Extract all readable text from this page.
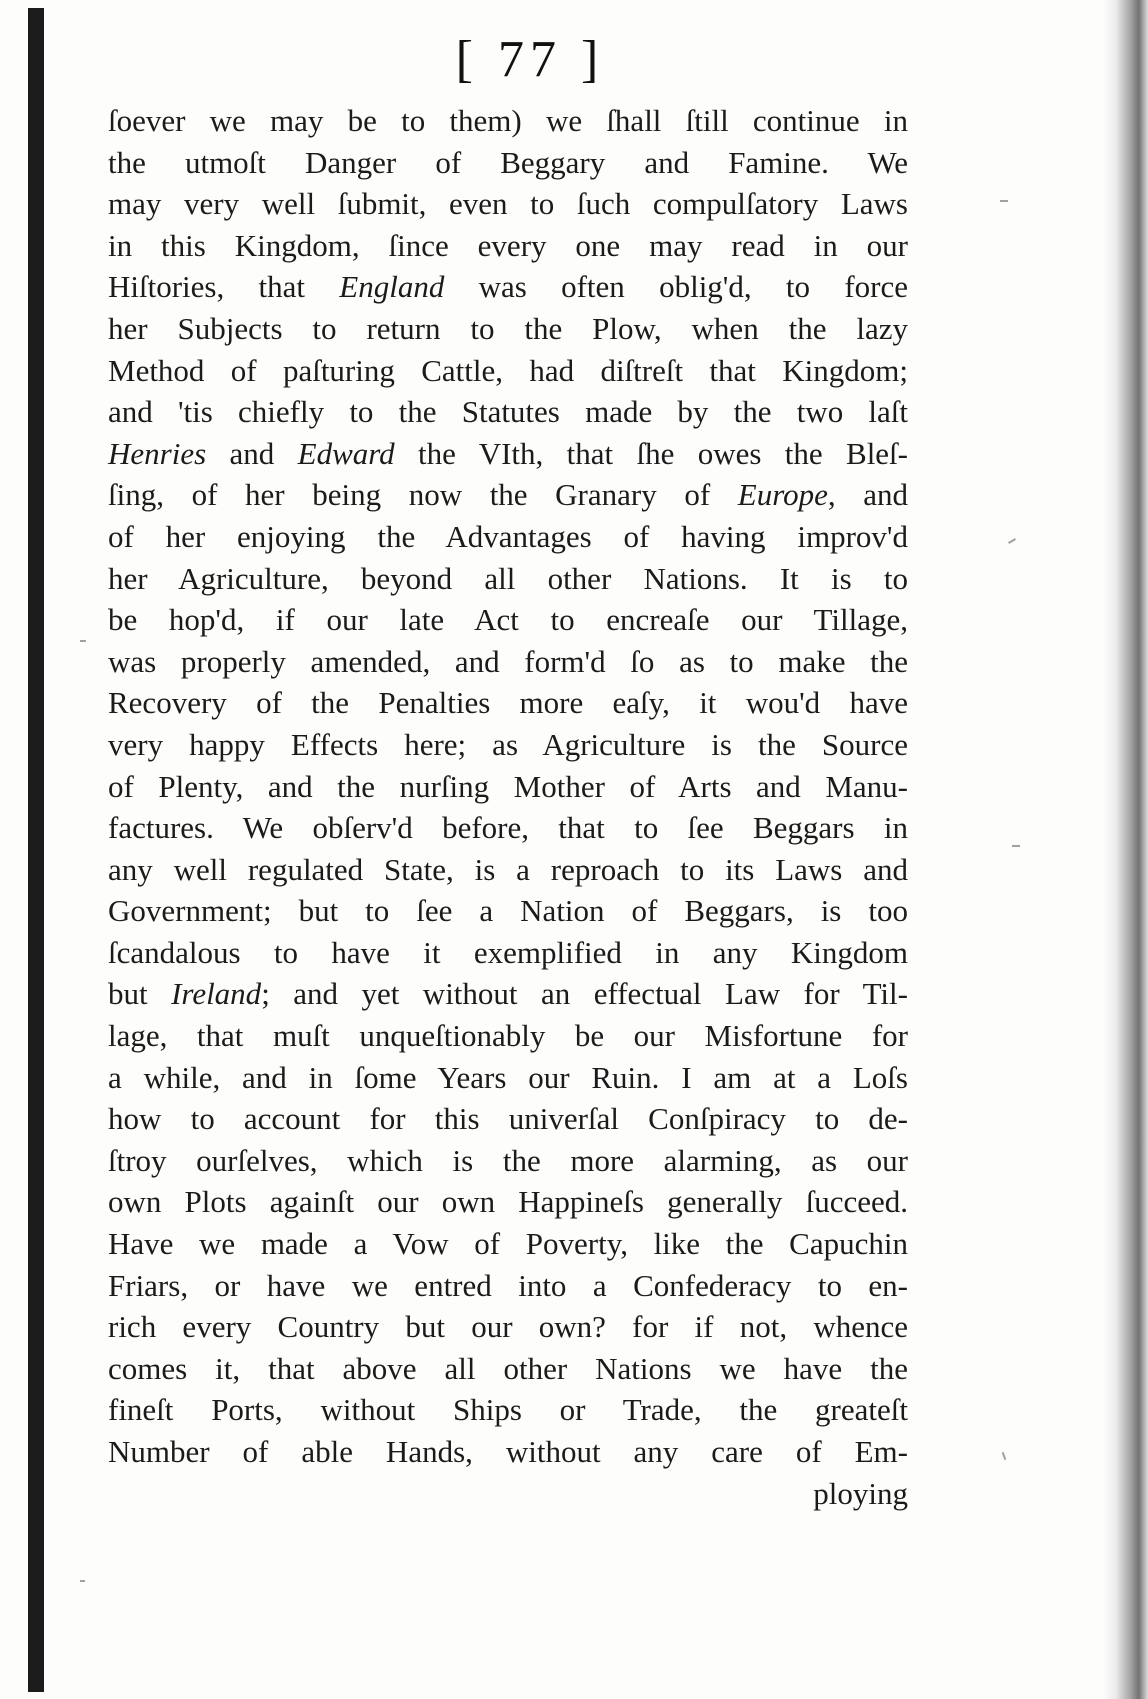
[ 77 ]
ſoever we may be to them) we ſhall ſtill continue in
the utmoſt Danger of Beggary and Famine. We
may very well ſubmit, even to ſuch compulſatory Laws
in this Kingdom, ſince every one may read in our
Hiſtories, that England was often oblig'd, to force
her Subjects to return to the Plow, when the lazy
Method of paſturing Cattle, had diſtreſt that Kingdom;
and 'tis chiefly to the Statutes made by the two laſt
Henries and Edward the VIth, that ſhe owes the Bleſ-
ſing, of her being now the Granary of Europe, and
of her enjoying the Advantages of having improv'd
her Agriculture, beyond all other Nations. It is to
be hop'd, if our late Act to encreaſe our Tillage,
was properly amended, and form'd ſo as to make the
Recovery of the Penalties more eaſy, it wou'd have
very happy Effects here; as Agriculture is the Source
of Plenty, and the nurſing Mother of Arts and Manu-
factures. We obſerv'd before, that to ſee Beggars in
any well regulated State, is a reproach to its Laws and
Government; but to ſee a Nation of Beggars, is too
ſcandalous to have it exemplified in any Kingdom
but Ireland; and yet without an effectual Law for Til-
lage, that muſt unqueſtionably be our Misfortune for
a while, and in ſome Years our Ruin. I am at a Loſs
how to account for this univerſal Conſpiracy to de-
ſtroy ourſelves, which is the more alarming, as our
own Plots againſt our own Happineſs generally ſucceed.
Have we made a Vow of Poverty, like the Capuchin
Friars, or have we entred into a Confederacy to en-
rich every Country but our own? for if not, whence
comes it, that above all other Nations we have the
fineſt Ports, without Ships or Trade, the greateſt
Number of able Hands, without any care of Em-
ploying
